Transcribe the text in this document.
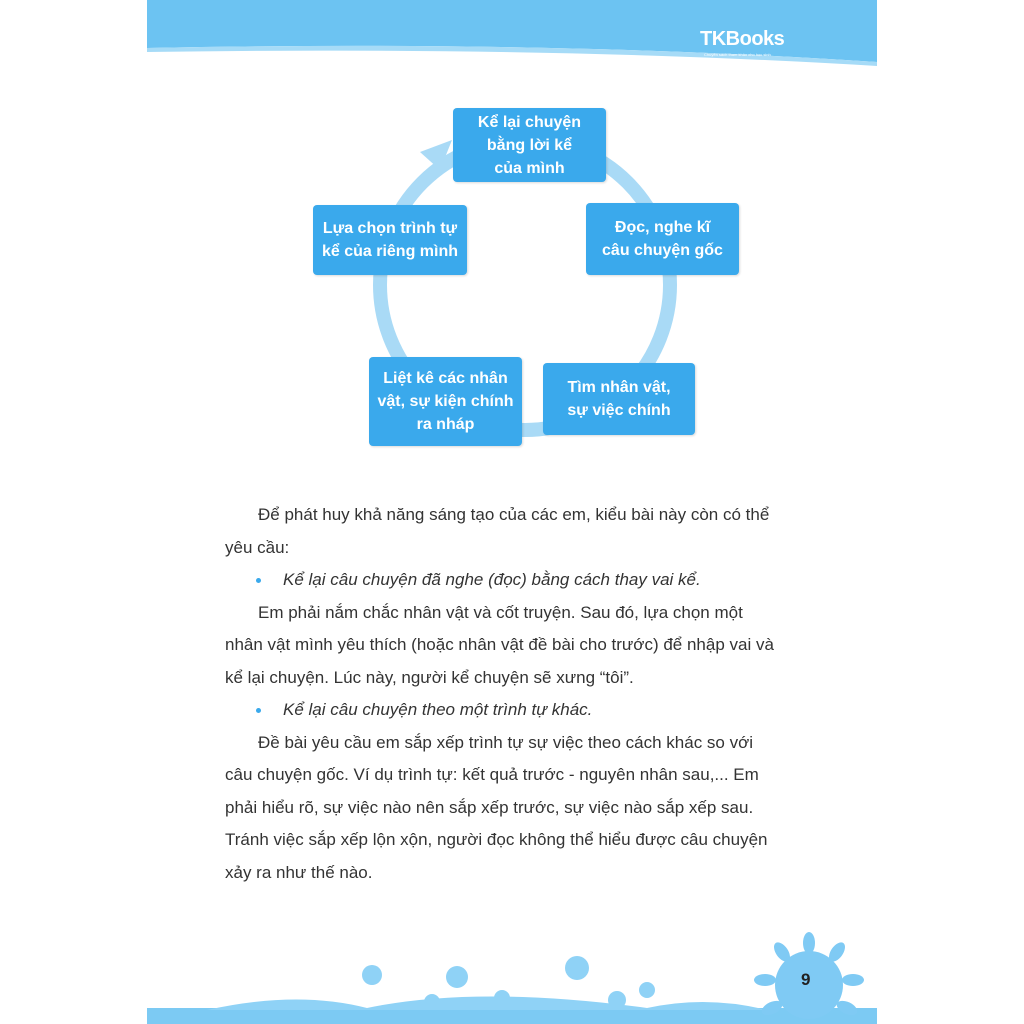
TKBooks
Chuyên sách tham khảo cho học sinh
Kể lại chuyện
bằng lời kể
của mình
Đọc, nghe kĩ
câu chuyện gốc
Tìm nhân vật,
sự việc chính
Liệt kê các nhân
vật, sự kiện chính
ra nháp
Lựa chọn trình tự
kể của riêng mình

Để phát huy khả năng sáng tạo của các em, kiểu bài này còn có thể yêu cầu:

Kể lại câu chuyện đã nghe (đọc) bằng cách thay vai kể.

Em phải nắm chắc nhân vật và cốt truyện. Sau đó, lựa chọn một nhân vật mình yêu thích (hoặc nhân vật đề bài cho trước) để nhập vai và kể lại chuyện. Lúc này, người kể chuyện sẽ xưng “tôi”.

Kể lại câu chuyện theo một trình tự khác.

Đề bài yêu cầu em sắp xếp trình tự sự việc theo cách khác so với câu chuyện gốc. Ví dụ trình tự: kết quả trước - nguyên nhân sau,... Em phải hiểu rõ, sự việc nào nên sắp xếp trước, sự việc nào sắp xếp sau. Tránh việc sắp xếp lộn xộn, người đọc không thể hiểu được câu chuyện xảy ra như thế nào.

9
